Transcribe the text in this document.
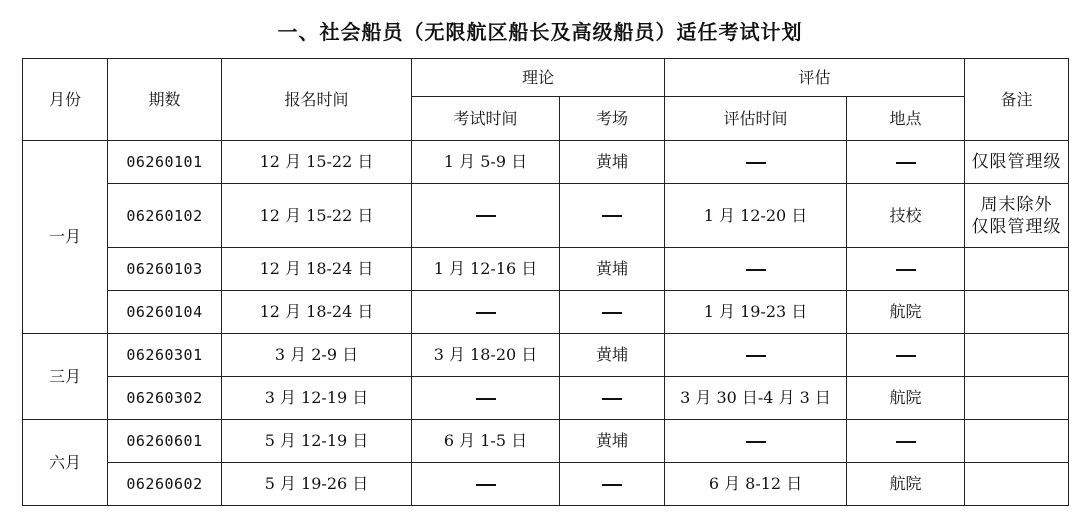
一、社会船员（无限航区船长及高级船员）适任考试计划
月份	期数	报名时间	理论		评估		备注
			考试时间	考场	评估时间	地点	
一月	06260101	12 月 15-22 日	1 月 5-9 日	黄埔			仅限管理级
	06260102	12 月 15-22 日			1 月 12-20 日	技校	周末除外
仅限管理级

	06260103	12 月 18-24 日	1 月 12-16 日	黄埔			
	06260104	12 月 18-24 日			1 月 19-23 日	航院	
三月	06260301	3 月 2-9 日	3 月 18-20 日	黄埔			
	06260302	3 月 12-19 日			3 月 30 日-4 月 3 日	航院	
六月	06260601	5 月 12-19 日	6 月 1-5 日	黄埔			
	06260602	5 月 19-26 日			6 月 8-12 日	航院	
